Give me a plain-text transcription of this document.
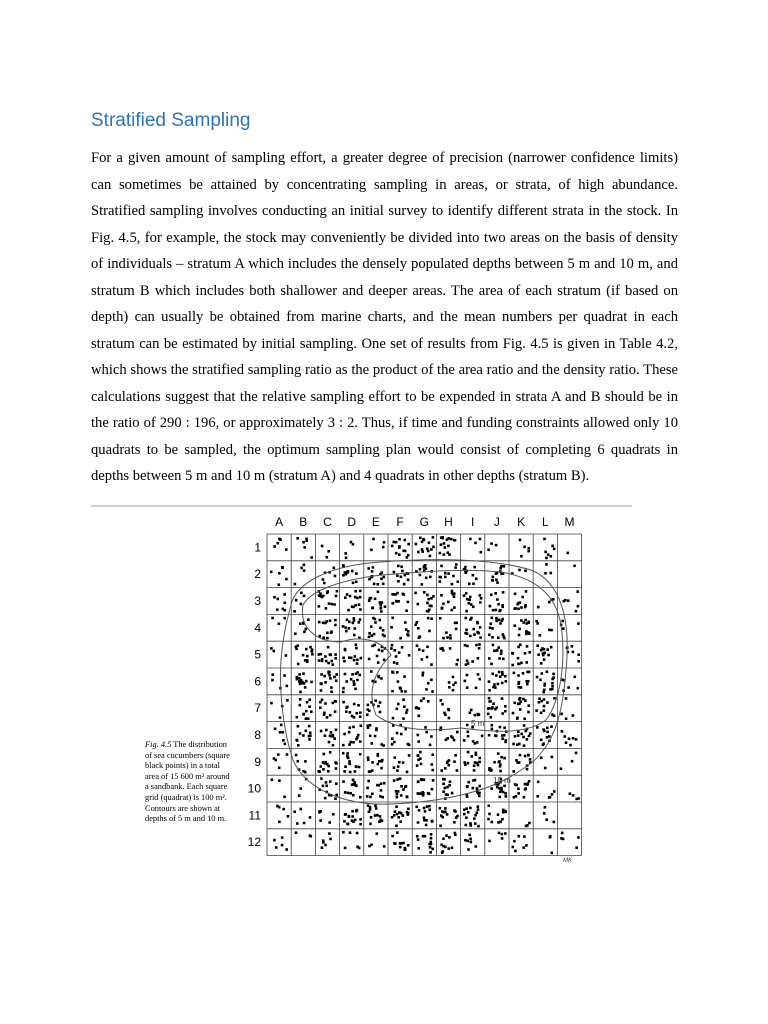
Stratified Sampling
For a given amount of sampling effort, a greater degree of precision (narrower confidence limits) can sometimes be attained by concentrating sampling in areas, or strata, of high abundance. Stratified sampling involves conducting an initial survey to identify different strata in the stock. In Fig. 4.5, for example, the stock may conveniently be divided into two areas on the basis of density of individuals – stratum A which includes the densely populated depths between 5 m and 10 m, and stratum B which includes both shallower and deeper areas. The area of each stratum (if based on depth) can usually be obtained from marine charts, and the mean numbers per quadrat in each stratum can be estimated by initial sampling. One set of results from Fig. 4.5 is given in Table 4.2, which shows the stratified sampling ratio as the product of the area ratio and the density ratio. These calculations suggest that the relative sampling effort to be expended in strata A and B should be in the ratio of 290 : 196, or approximately 3 : 2. Thus, if time and funding constraints allowed only 10 quadrats to be sampled, the optimum sampling plan would consist of completing 6 quadrats in depths between 5 m and 10 m (stratum A) and 4 quadrats in other depths (stratum B).
A B C D E F G H I J K L M
1
2
3
4
5
6
7
8
9
10
11
12
5 m
10 m
MK
Fig. 4.5 The distribution of sea cucumbers (square black points) in a total area of 15 600 m² around a sandbank. Each square grid (quadrat) is 100 m². Contours are shown at depths of 5 m and 10 m.
